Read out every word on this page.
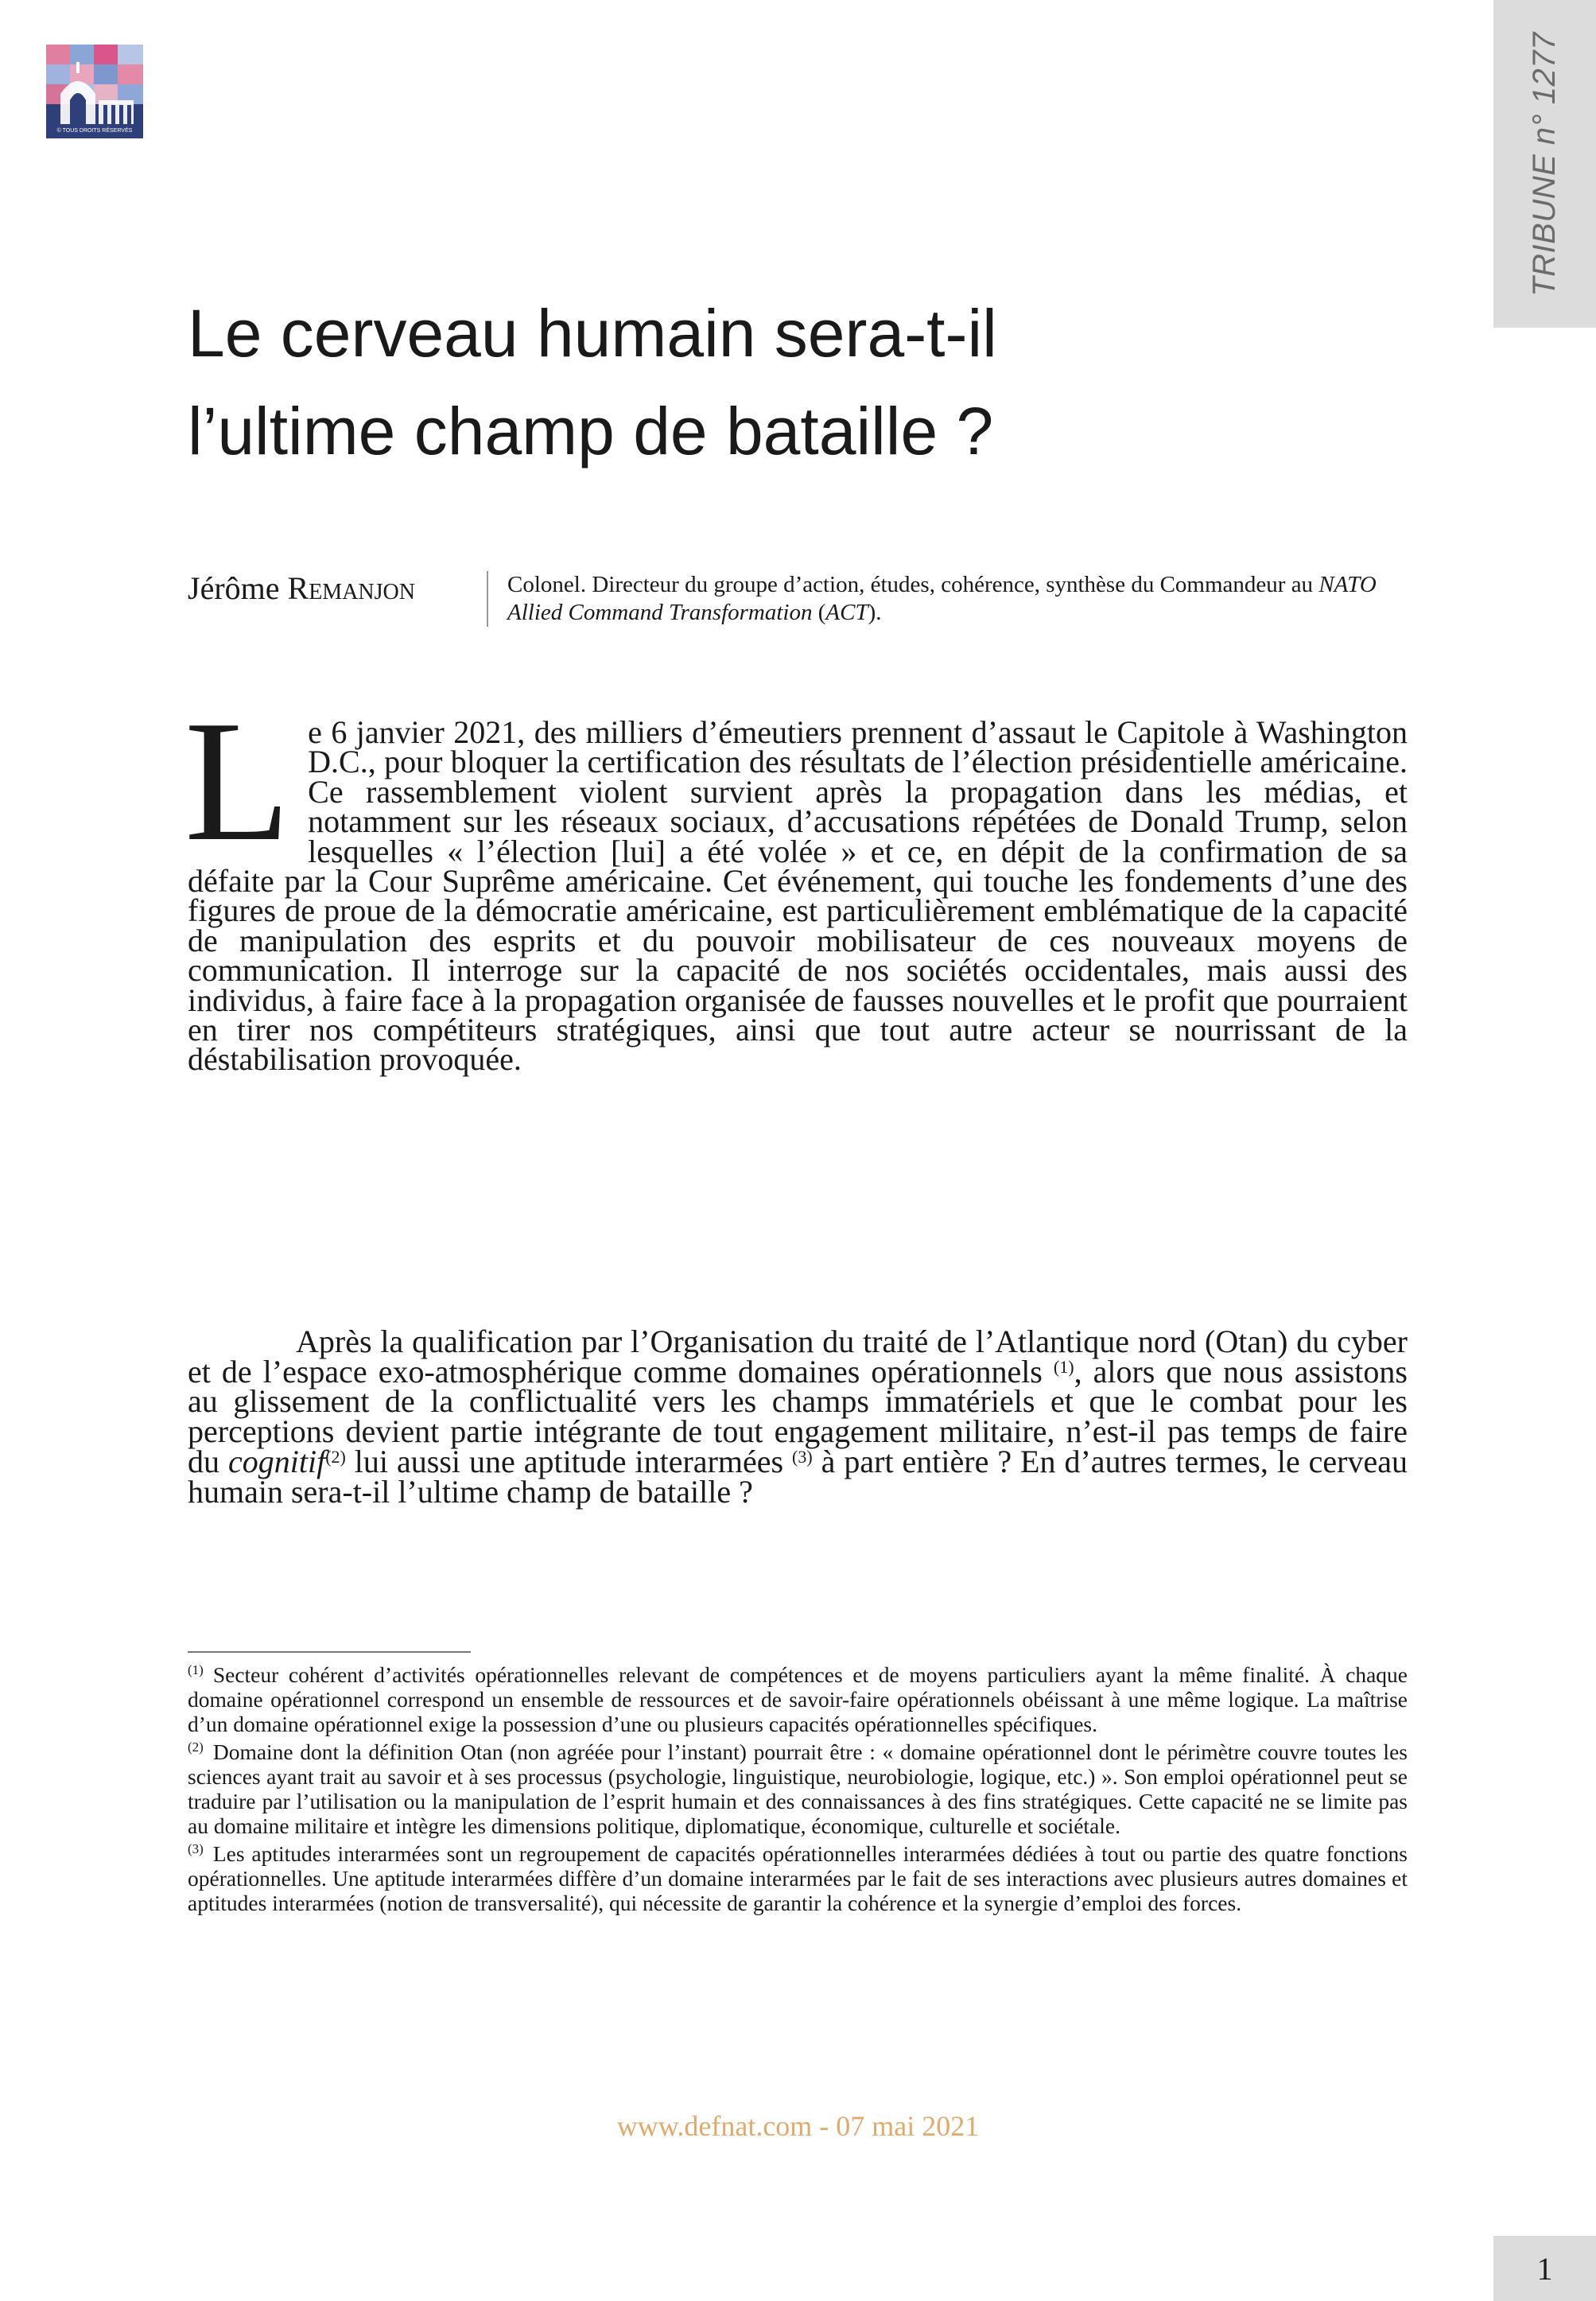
© TOUS DROITS RÉSERVÉS	TRIBUNE n° 1277
Le cerveau humain sera-t-il
l’ultime champ de bataille ?
Jérôme Remanjon	Colonel. Directeur du groupe d’action, études, cohérence, synthèse du Commandeur au NATO Allied Command Transformation (ACT).

Le 6 janvier 2021, des milliers d’émeutiers prennent d’assaut le Capitole à Washington D.C., pour bloquer la certification des résultats de l’élection présidentielle américaine. Ce rassemblement violent survient après la propagation dans les médias, et notamment sur les réseaux sociaux, d’accusations répétées de Donald Trump, selon lesquelles « l’élection [lui] a été volée » et ce, en dépit de la confirmation de sa défaite par la Cour Suprême américaine. Cet événement, qui touche les fondements d’une des figures de proue de la démocratie américaine, est particulièrement emblématique de la capacité de manipulation des esprits et du pouvoir mobilisateur de ces nouveaux moyens de communication. Il interroge sur la capacité de nos sociétés occidentales, mais aussi des individus, à faire face à la propagation organisée de fausses nouvelles et le profit que pourraient en tirer nos compétiteurs stratégiques, ainsi que tout autre acteur se nourrissant de la déstabilisation provoquée.

Après la qualification par l’Organisation du traité de l’Atlantique nord (Otan) du cyber et de l’espace exo-atmosphérique comme domaines opérationnels $^{(1)}$, alors que nous assistons au glissement de la conflictualité vers les champs immatériels et que le combat pour les perceptions devient partie intégrante de tout engagement militaire, n’est-il pas temps de faire du cognitif$^{(2)}$ lui aussi une aptitude interarmées $^{(3)}$ à part entière ? En d’autres termes, le cerveau humain sera-t-il l’ultime champ de bataille ?

$^{(1)}$ Secteur cohérent d’activités opérationnelles relevant de compétences et de moyens particuliers ayant la même finalité. À chaque domaine opérationnel correspond un ensemble de ressources et de savoir-faire opérationnels obéissant à une même logique. La maîtrise d’un domaine opérationnel exige la possession d’une ou plusieurs capacités opérationnelles spécifiques.

$^{(2)}$ Domaine dont la définition Otan (non agréée pour l’instant) pourrait être : « domaine opérationnel dont le périmètre couvre toutes les sciences ayant trait au savoir et à ses processus (psychologie, linguistique, neurobiologie, logique, etc.) ». Son emploi opérationnel peut se traduire par l’utilisation ou la manipulation de l’esprit humain et des connaissances à des fins stratégiques. Cette capacité ne se limite pas au domaine militaire et intègre les dimensions politique, diplomatique, économique, culturelle et sociétale.

$^{(3)}$ Les aptitudes interarmées sont un regroupement de capacités opérationnelles interarmées dédiées à tout ou partie des quatre fonctions opérationnelles. Une aptitude interarmées diffère d’un domaine interarmées par le fait de ses interactions avec plusieurs autres domaines et aptitudes interarmées (notion de transversalité), qui nécessite de garantir la cohérence et la synergie d’emploi des forces.

www.defnat.com - 07 mai 2021
1
